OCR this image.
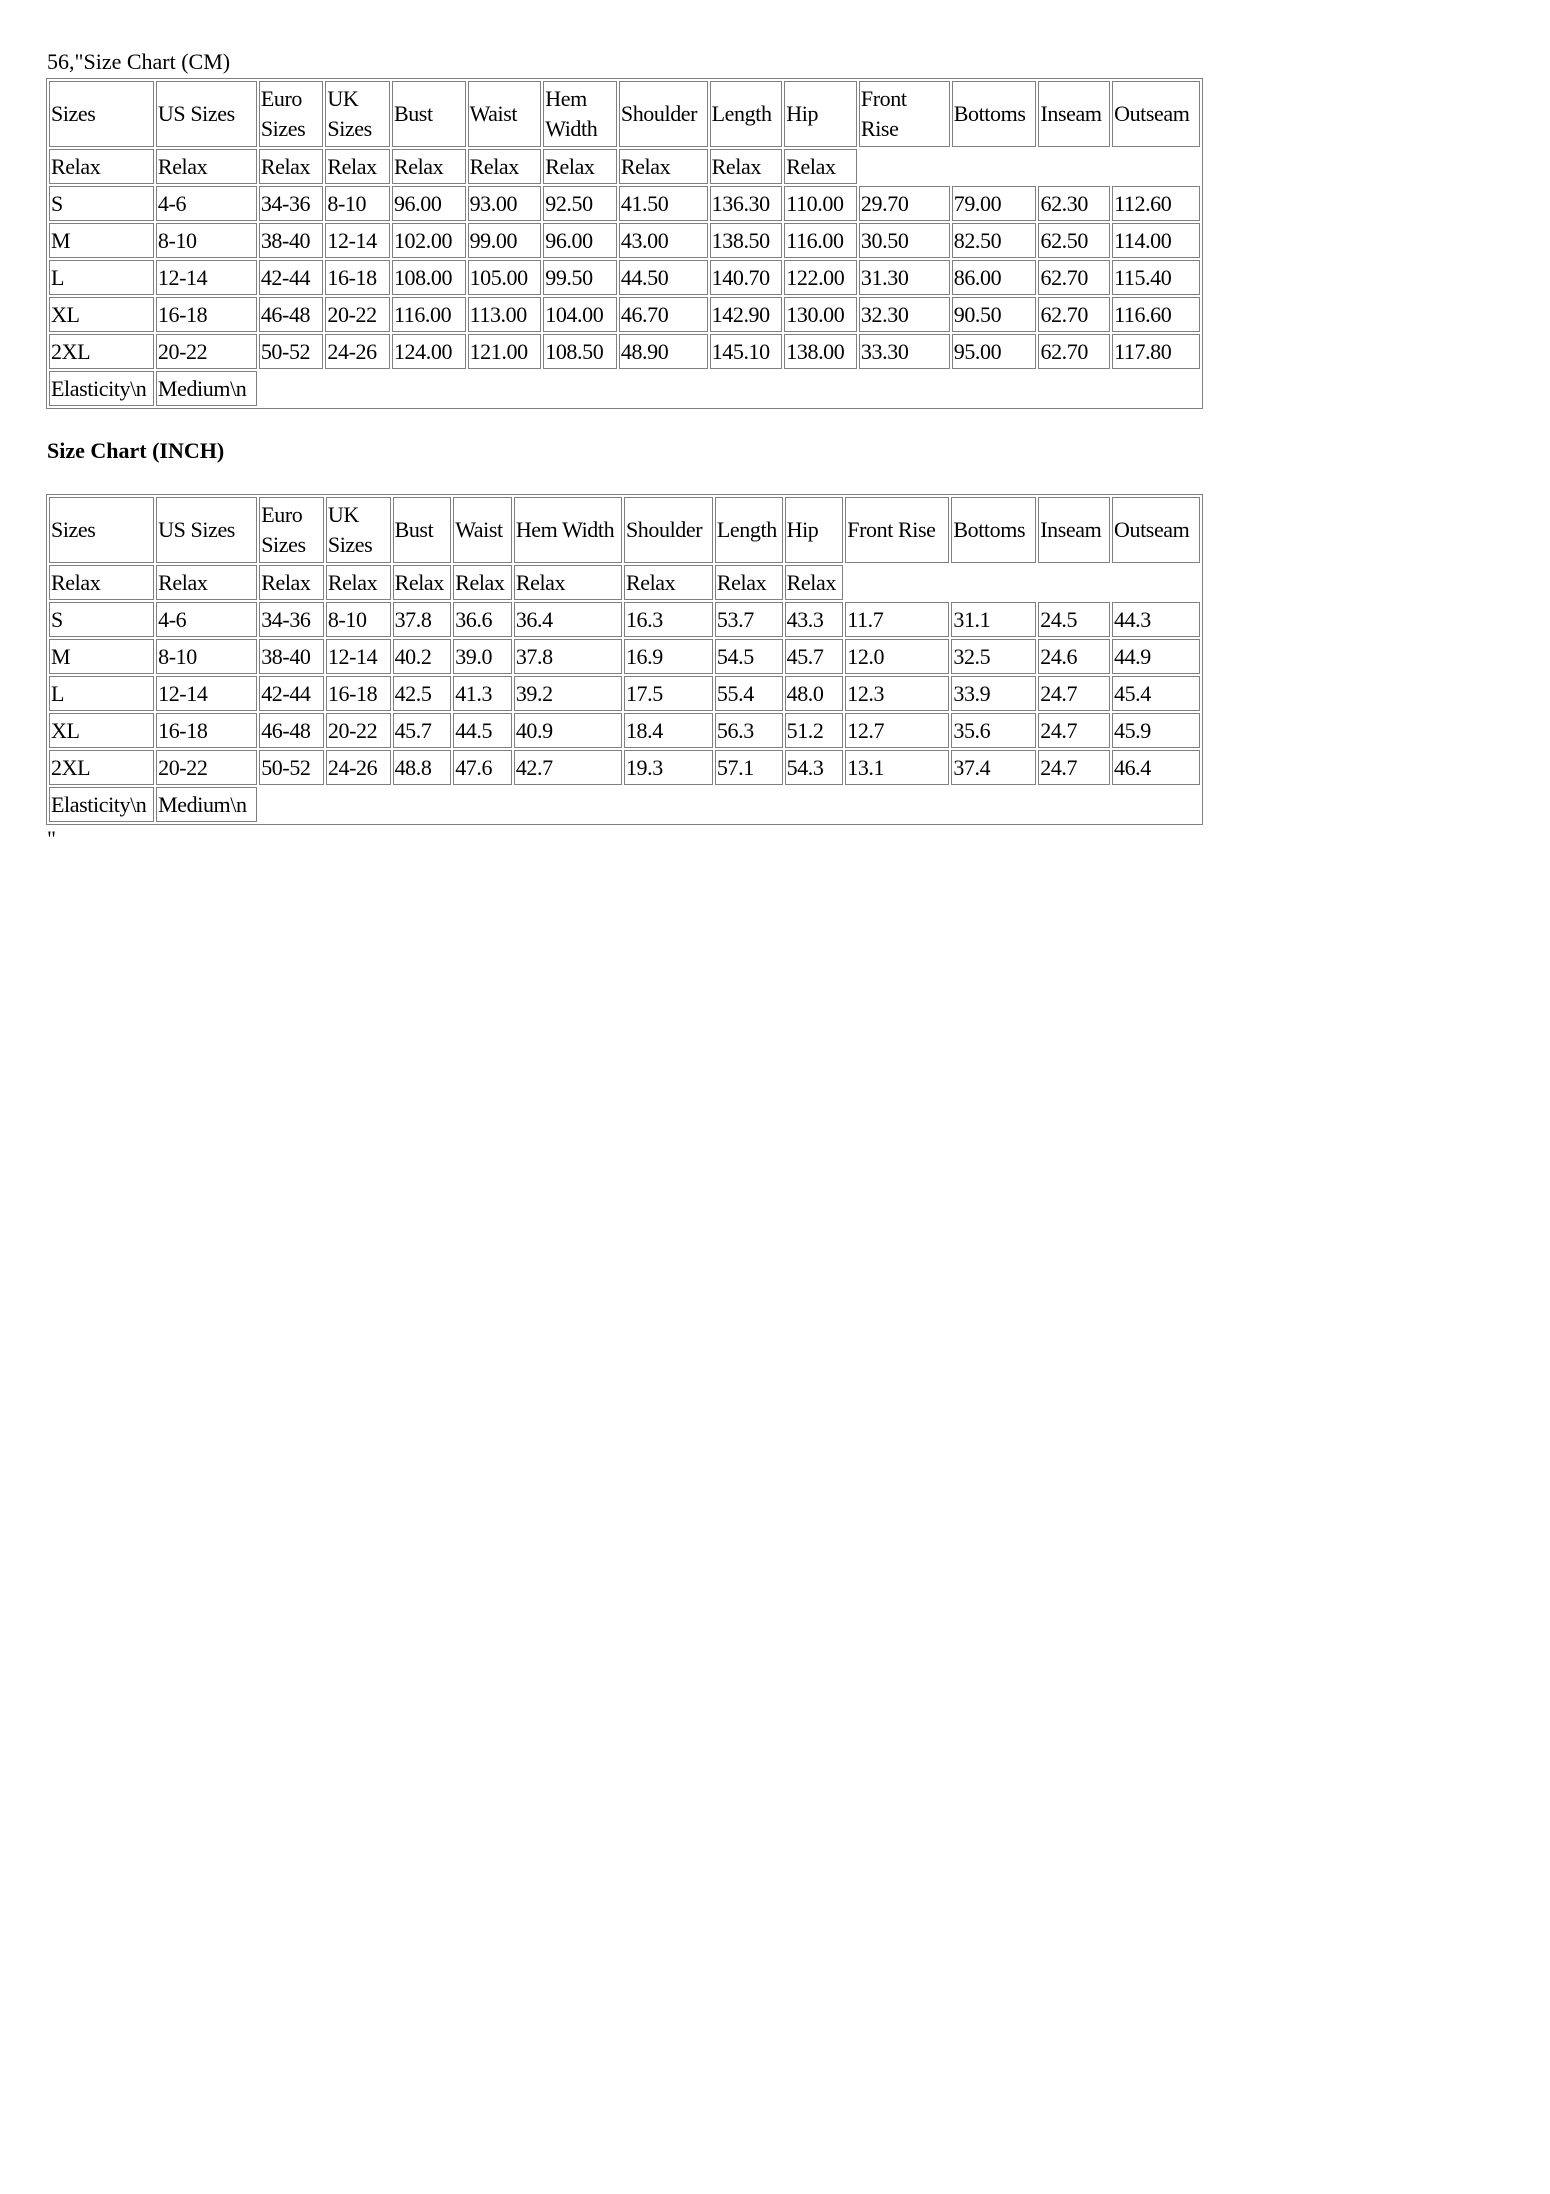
56,"Size Chart (CM)
Sizes	US Sizes	Euro Sizes	UK Sizes	Bust	Waist	Hem Width	Shoulder	Length	Hip	Front Rise	Bottoms	Inseam	Outseam
Relax	Relax	Relax	Relax	Relax	Relax	Relax	Relax	Relax	Relax				
S	4-6	34-36	8-10	96.00	93.00	92.50	41.50	136.30	110.00	29.70	79.00	62.30	112.60
M	8-10	38-40	12-14	102.00	99.00	96.00	43.00	138.50	116.00	30.50	82.50	62.50	114.00
L	12-14	42-44	16-18	108.00	105.00	99.50	44.50	140.70	122.00	31.30	86.00	62.70	115.40
XL	16-18	46-48	20-22	116.00	113.00	104.00	46.70	142.90	130.00	32.30	90.50	62.70	116.60
2XL	20-22	50-52	24-26	124.00	121.00	108.50	48.90	145.10	138.00	33.30	95.00	62.70	117.80
Elasticity\n	Medium\n												
Size Chart (INCH)
Sizes	US Sizes	Euro Sizes	UK Sizes	Bust	Waist	Hem Width	Shoulder	Length	Hip	Front Rise	Bottoms	Inseam	Outseam
Relax	Relax	Relax	Relax	Relax	Relax	Relax	Relax	Relax	Relax				
S	4-6	34-36	8-10	37.8	36.6	36.4	16.3	53.7	43.3	11.7	31.1	24.5	44.3
M	8-10	38-40	12-14	40.2	39.0	37.8	16.9	54.5	45.7	12.0	32.5	24.6	44.9
L	12-14	42-44	16-18	42.5	41.3	39.2	17.5	55.4	48.0	12.3	33.9	24.7	45.4
XL	16-18	46-48	20-22	45.7	44.5	40.9	18.4	56.3	51.2	12.7	35.6	24.7	45.9
2XL	20-22	50-52	24-26	48.8	47.6	42.7	19.3	57.1	54.3	13.1	37.4	24.7	46.4
Elasticity\n	Medium\n												
"
